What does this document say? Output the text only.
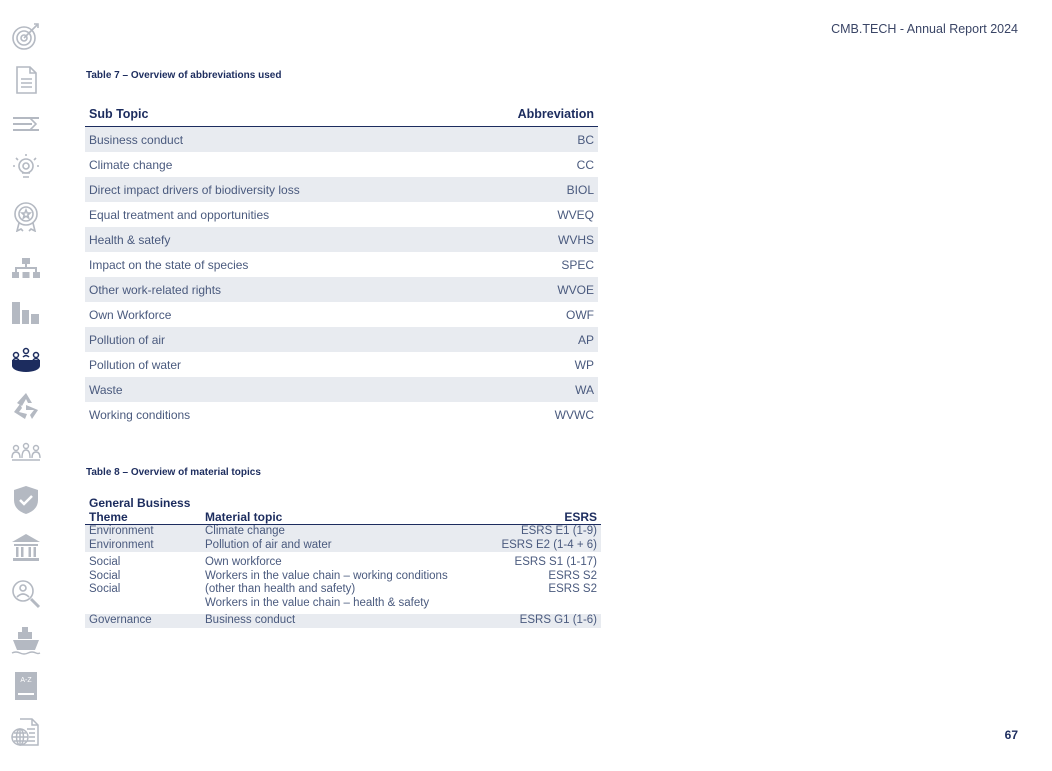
A-Z
CMB.TECH - Annual Report 2024
Table 7 – Overview of abbreviations used
Sub Topic	Abbreviation
Business conduct	BC
Climate change	CC
Direct impact drivers of biodiversity loss	BIOL
Equal treatment and opportunities	WVEQ
Health & satefy	WVHS
Impact on the state of species	SPEC
Other work-related rights	WVOE
Own Workforce	OWF
Pollution of air	AP
Pollution of water	WP
Waste	WA
Working conditions	WVWC
Table 8 – Overview of material topics
General Business Theme	Material topic	ESRS
Environment	Climate change	ESRS E1 (1-9)
Environment	Pollution of air and water	ESRS E2 (1-4 + 6)

Social	Own workforce	ESRS S1 (1-17)
Social	Workers in the value chain – working conditions	ESRS S2
Social	(other than health and safety)	ESRS S2
	Workers in the value chain – health & safety	

Governance	Business conduct	ESRS G1 (1-6)
67
